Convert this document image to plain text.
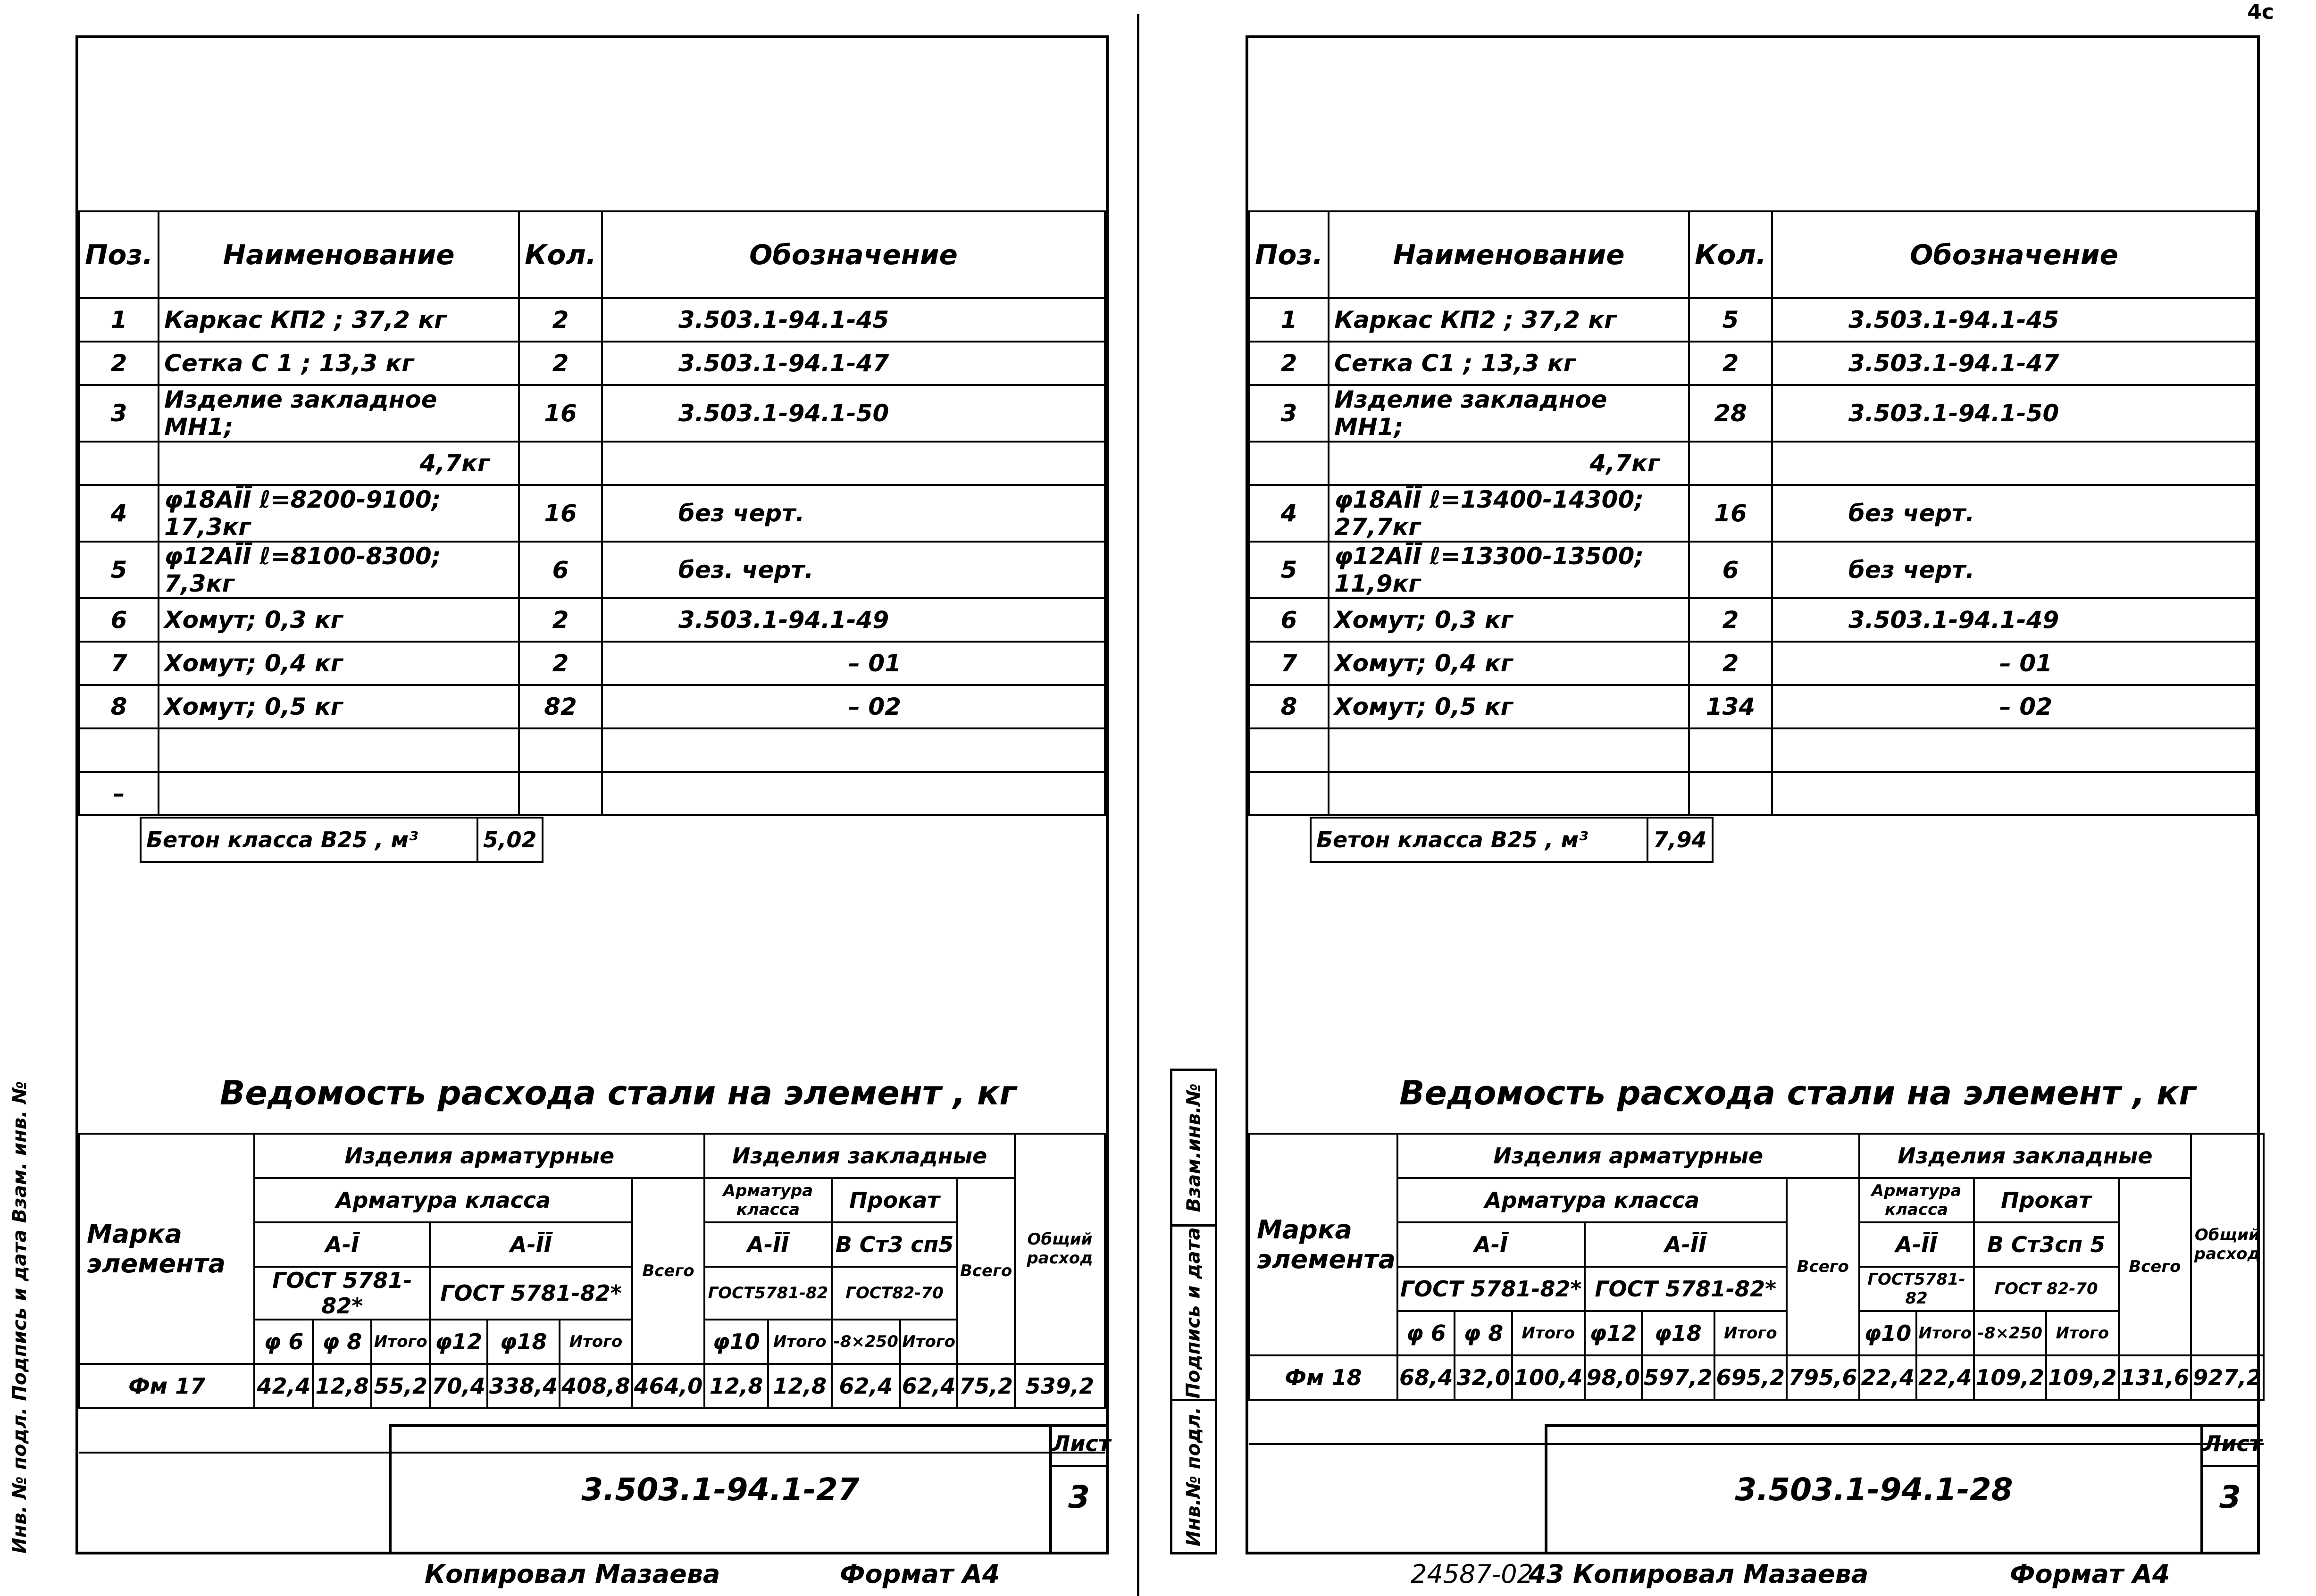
Инв. № подл. Подпись и дата Взам. инв. №
Поз.	Наименование	Кол.	Обозначение
1	Каркас КП2 ; 37,2 кг	2	3.503.1-94.1-45
2	Сетка С 1 ; 13,3 кг	2	3.503.1-94.1-47
3	Изделие закладное МН1;	16	3.503.1-94.1-50
	4,7кг		
4	φ18АĪĪ ℓ=8200-9100; 17,3кг	16	без черт.
5	φ12АĪĪ ℓ=8100-8300; 7,3кг	6	без. черт.
6	Хомут; 0,3 кг	2	3.503.1-94.1-49
7	Хомут; 0,4 кг	2	– 01
8	Хомут; 0,5 кг	82	– 02

–			
	Бетон класса В25 , м³	5,02
Ведомость расхода стали на элемент , кг
Марка элемента	Изделия арматурные							Изделия закладные					Общий расход
	Арматура класса						Всего	Арматура класса		Прокат		Всего	
	А-Ī			А-ĪĪ				А-ĪĪ		В Ст3 сп5			
	ГОСТ 5781-82*			ГОСТ 5781-82*				ГОСТ5781-82		ГОСТ82-70			
	φ 6	φ 8	Итого	φ12	φ18	Итого		φ10	Итого	-8×250	Итого		
Фм 17	42,4	12,8	55,2	70,4	338,4	408,8	464,0	12,8	12,8	62,4	62,4	75,2	539,2

3.503.1-94.1-27
Лист
3
Копировал Мазаева	Формат А4
Поз.	Наименование	Кол.	Обозначение
1	Каркас КП2 ; 37,2 кг	5	3.503.1-94.1-45
2	Сетка С1 ; 13,3 кг	2	3.503.1-94.1-47
3	Изделие закладное МН1;	28	3.503.1-94.1-50
	4,7кг		
4	φ18АĪĪ ℓ=13400-14300; 27,7кг	16	без черт.
5	φ12АĪĪ ℓ=13300-13500; 11,9кг	6	без черт.
6	Хомут; 0,3 кг	2	3.503.1-94.1-49
7	Хомут; 0,4 кг	2	– 01
8	Хомут; 0,5 кг	134	– 02

	Бетон класса В25 , м³	7,94
Ведомость расхода стали на элемент , кг
Марка элемента	Изделия арматурные							Изделия закладные					Общий расход
	Арматура класса						Всего	Арматура класса		Прокат		Всего	
	А-Ī			А-ĪĪ				А-ĪĪ		В Ст3сп 5			
	ГОСТ 5781-82*			ГОСТ 5781-82*				ГОСТ5781-82		ГОСТ 82-70			
	φ 6	φ 8	Итого	φ12	φ18	Итого		φ10	Итого	-8×250	Итого		
Фм 18	68,4	32,0	100,4	98,0	597,2	695,2	795,6	22,4	22,4	109,2	109,2	131,6	927,2

3.503.1-94.1-28
Лист
3
24587-02
43 Копировал Мазаева	Формат А4
4с
Взам.инв.№
Подпись и дата
Инв.№ подл.
